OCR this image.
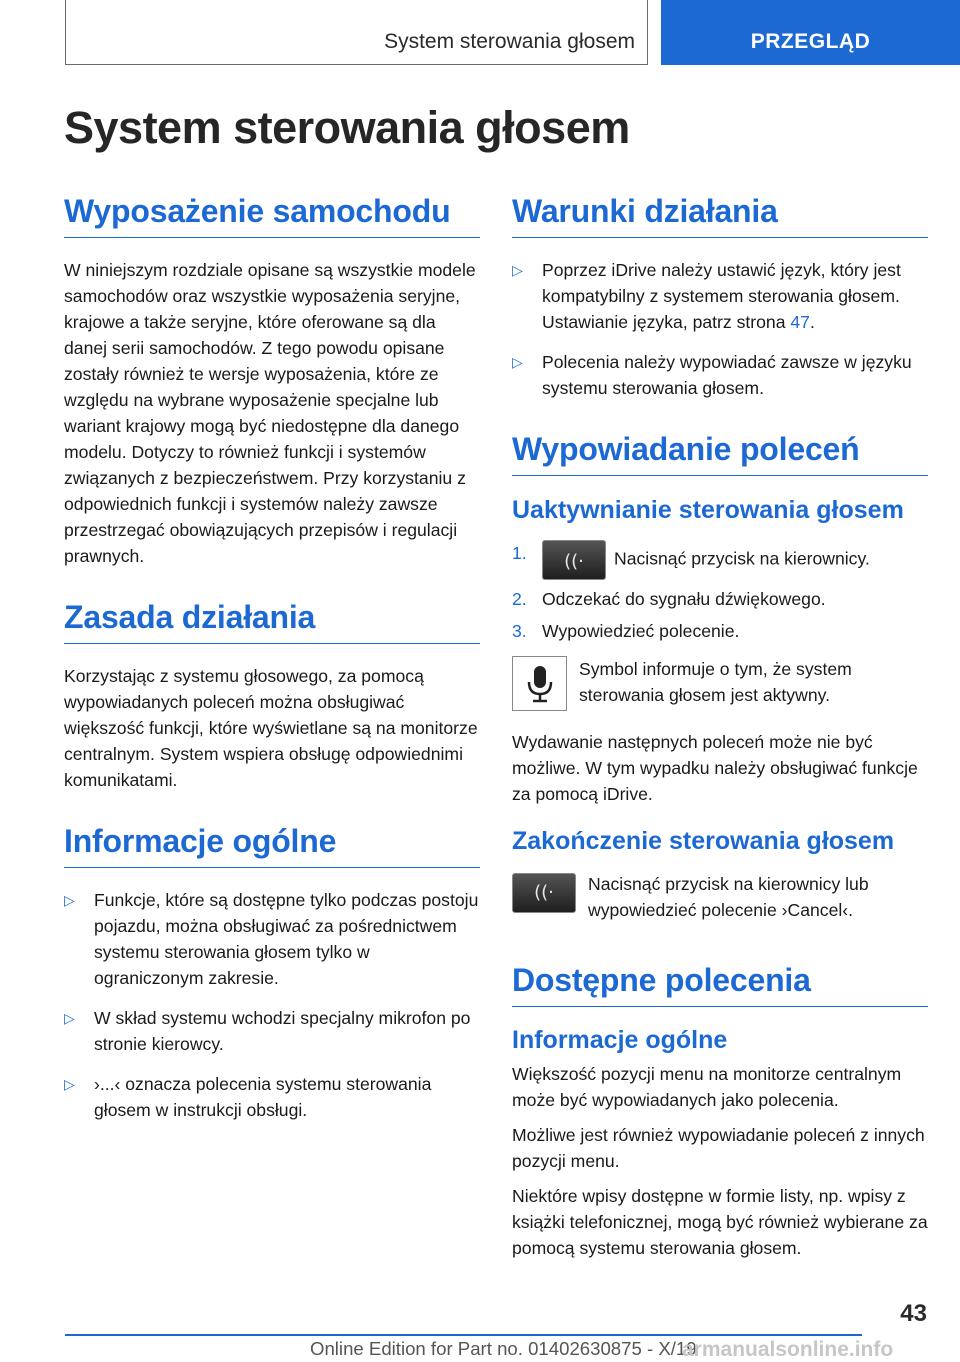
System sterowania głosem	PRZEGLĄD
System sterowania głosem
Wyposażenie samochodu

W niniejszym rozdziale opisane są wszystkie modele samochodów oraz wszystkie wyposażenia seryjne, krajowe a także seryjne, które oferowane są dla danej serii samochodów. Z tego powodu opisane zostały również te wersje wyposażenia, które ze względu na wybrane wyposażenie specjalne lub wariant krajowy mogą być niedostępne dla danego modelu. Dotyczy to również funkcji i systemów związanych z bezpieczeństwem. Przy korzystaniu z odpowiednich funkcji i systemów należy zawsze przestrzegać obowiązujących przepisów i regulacji prawnych.

Zasada działania

Korzystając z systemu głosowego, za pomocą wypowiadanych poleceń można obsługiwać większość funkcji, które wyświetlane są na monitorze centralnym. System wspiera obsługę odpowiednimi komunikatami.

Informacje ogólne
▷ Funkcje, które są dostępne tylko podczas postoju pojazdu, można obsługiwać za pośrednictwem systemu sterowania głosem tylko w ograniczonym zakresie.
▷ W skład systemu wchodzi specjalny mikrofon po stronie kierowcy.
▷ ›...‹ oznacza polecenia systemu sterowania głosem w instrukcji obsługi.
Warunki działania
▷ Poprzez iDrive należy ustawić język, który jest kompatybilny z systemem sterowania głosem. Ustawianie języka, patrz strona 47.
▷ Polecenia należy wypowiadać zawsze w języku systemu sterowania głosem.
Wypowiadanie poleceń
Uaktywnianie sterowania głosem
1.	((·	Nacisnąć przycisk na kierownicy.
2. Odczekać do sygnału dźwiękowego.
3. Wypowiedzieć polecenie.

Symbol informuje o tym, że system sterowania głosem jest aktywny.

Wydawanie następnych poleceń może nie być możliwe. W tym wypadku należy obsługiwać funkcje za pomocą iDrive.

Zakończenie sterowania głosem
((·	Nacisnąć przycisk na kierownicy lub wypowiedzieć polecenie ›Cancel‹.

Dostępne polecenia
Informacje ogólne

Większość pozycji menu na monitorze centralnym może być wypowiadanych jako polecenia.

Możliwe jest również wypowiadanie poleceń z innych pozycji menu.

Niektóre wpisy dostępne w formie listy, np. wpisy z książki telefonicznej, mogą być również wybierane za pomocą systemu sterowania głosem.

43
Online Edition for Part no. 01402630875 - X/19
armanualsonline.info
